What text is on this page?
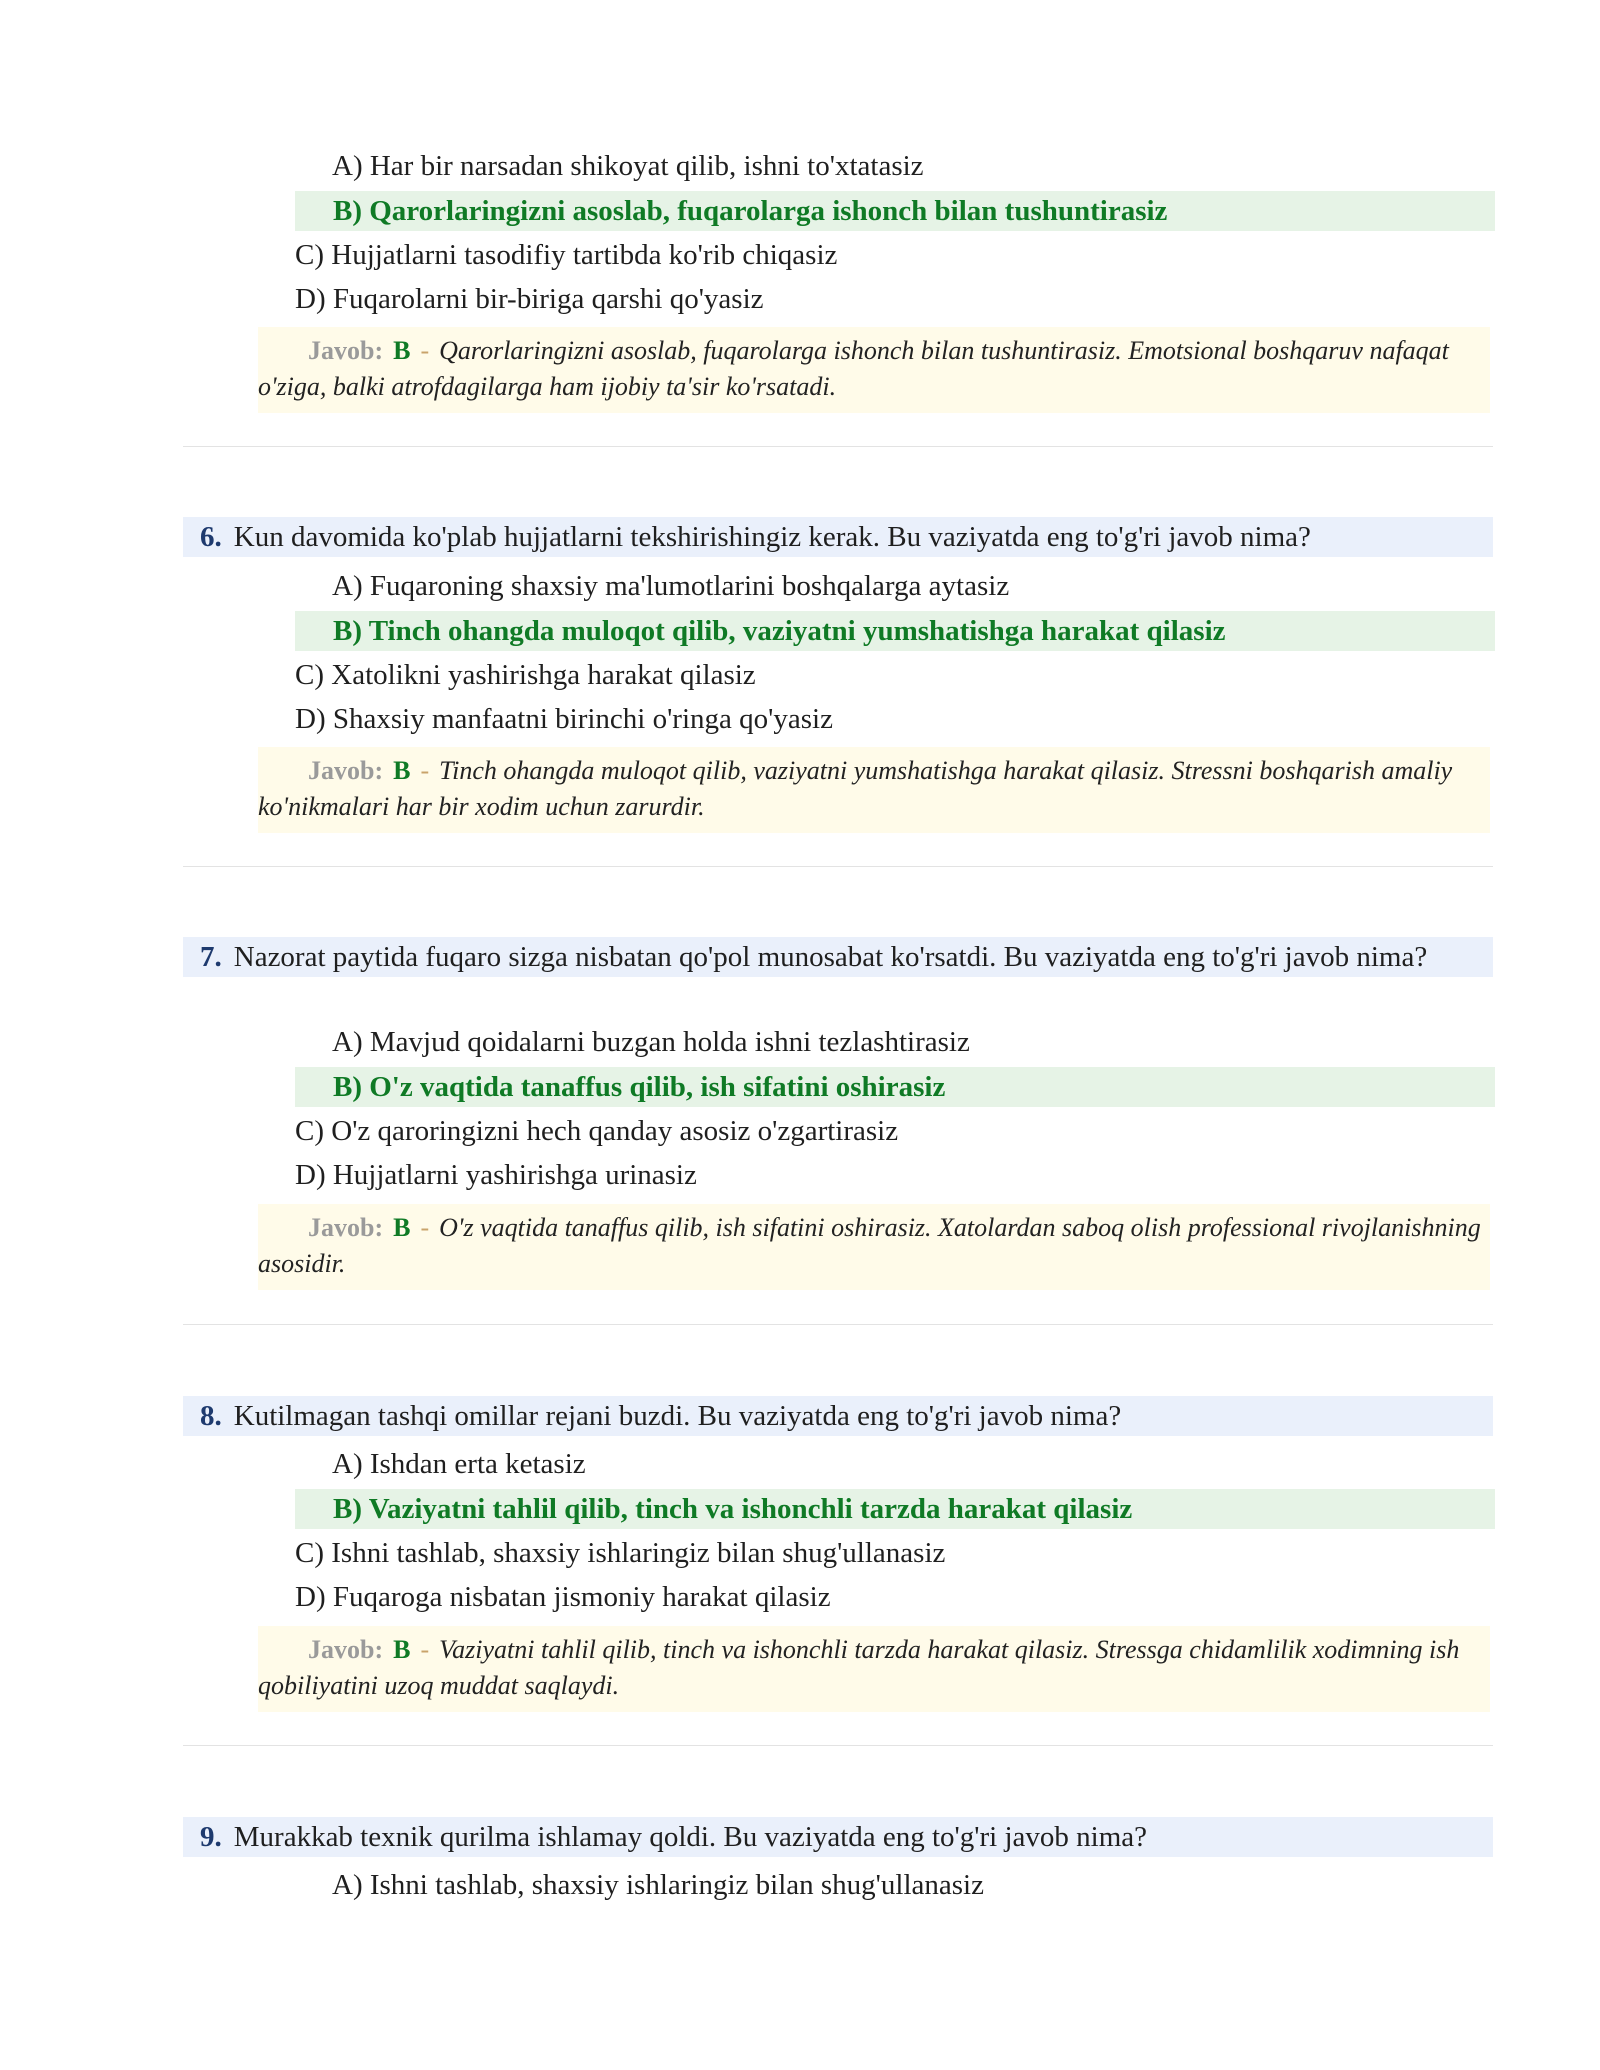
A) Har bir narsadan shikoyat qilib, ishni to'xtatasiz
B) Qarorlaringizni asoslab, fuqarolarga ishonch bilan tushuntirasiz
C) Hujjatlarni tasodifiy tartibda ko'rib chiqasiz
D) Fuqarolarni bir-biriga qarshi qo'yasiz
Javob: B - Qarorlaringizni asoslab, fuqarolarga ishonch bilan tushuntirasiz. Emotsional boshqaruv nafaqat o'ziga, balki atrofdagilarga ham ijobiy ta'sir ko'rsatadi.
6. Kun davomida ko'plab hujjatlarni tekshirishingiz kerak. Bu vaziyatda eng to'g'ri javob nima?
A) Fuqaroning shaxsiy ma'lumotlarini boshqalarga aytasiz
B) Tinch ohangda muloqot qilib, vaziyatni yumshatishga harakat qilasiz
C) Xatolikni yashirishga harakat qilasiz
D) Shaxsiy manfaatni birinchi o'ringa qo'yasiz
Javob: B - Tinch ohangda muloqot qilib, vaziyatni yumshatishga harakat qilasiz. Stressni boshqarish amaliy ko'nikmalari har bir xodim uchun zarurdir.
7. Nazorat paytida fuqaro sizga nisbatan qo'pol munosabat ko'rsatdi. Bu vaziyatda eng to'g'ri javob nima?
A) Mavjud qoidalarni buzgan holda ishni tezlashtirasiz
B) O'z vaqtida tanaffus qilib, ish sifatini oshirasiz
C) O'z qaroringizni hech qanday asosiz o'zgartirasiz
D) Hujjatlarni yashirishga urinasiz
Javob: B - O'z vaqtida tanaffus qilib, ish sifatini oshirasiz. Xatolardan saboq olish professional rivojlanishning asosidir.
8. Kutilmagan tashqi omillar rejani buzdi. Bu vaziyatda eng to'g'ri javob nima?
A) Ishdan erta ketasiz
B) Vaziyatni tahlil qilib, tinch va ishonchli tarzda harakat qilasiz
C) Ishni tashlab, shaxsiy ishlaringiz bilan shug'ullanasiz
D) Fuqaroga nisbatan jismoniy harakat qilasiz
Javob: B - Vaziyatni tahlil qilib, tinch va ishonchli tarzda harakat qilasiz. Stressga chidamlilik xodimning ish qobiliyatini uzoq muddat saqlaydi.
9. Murakkab texnik qurilma ishlamay qoldi. Bu vaziyatda eng to'g'ri javob nima?
A) Ishni tashlab, shaxsiy ishlaringiz bilan shug'ullanasiz
